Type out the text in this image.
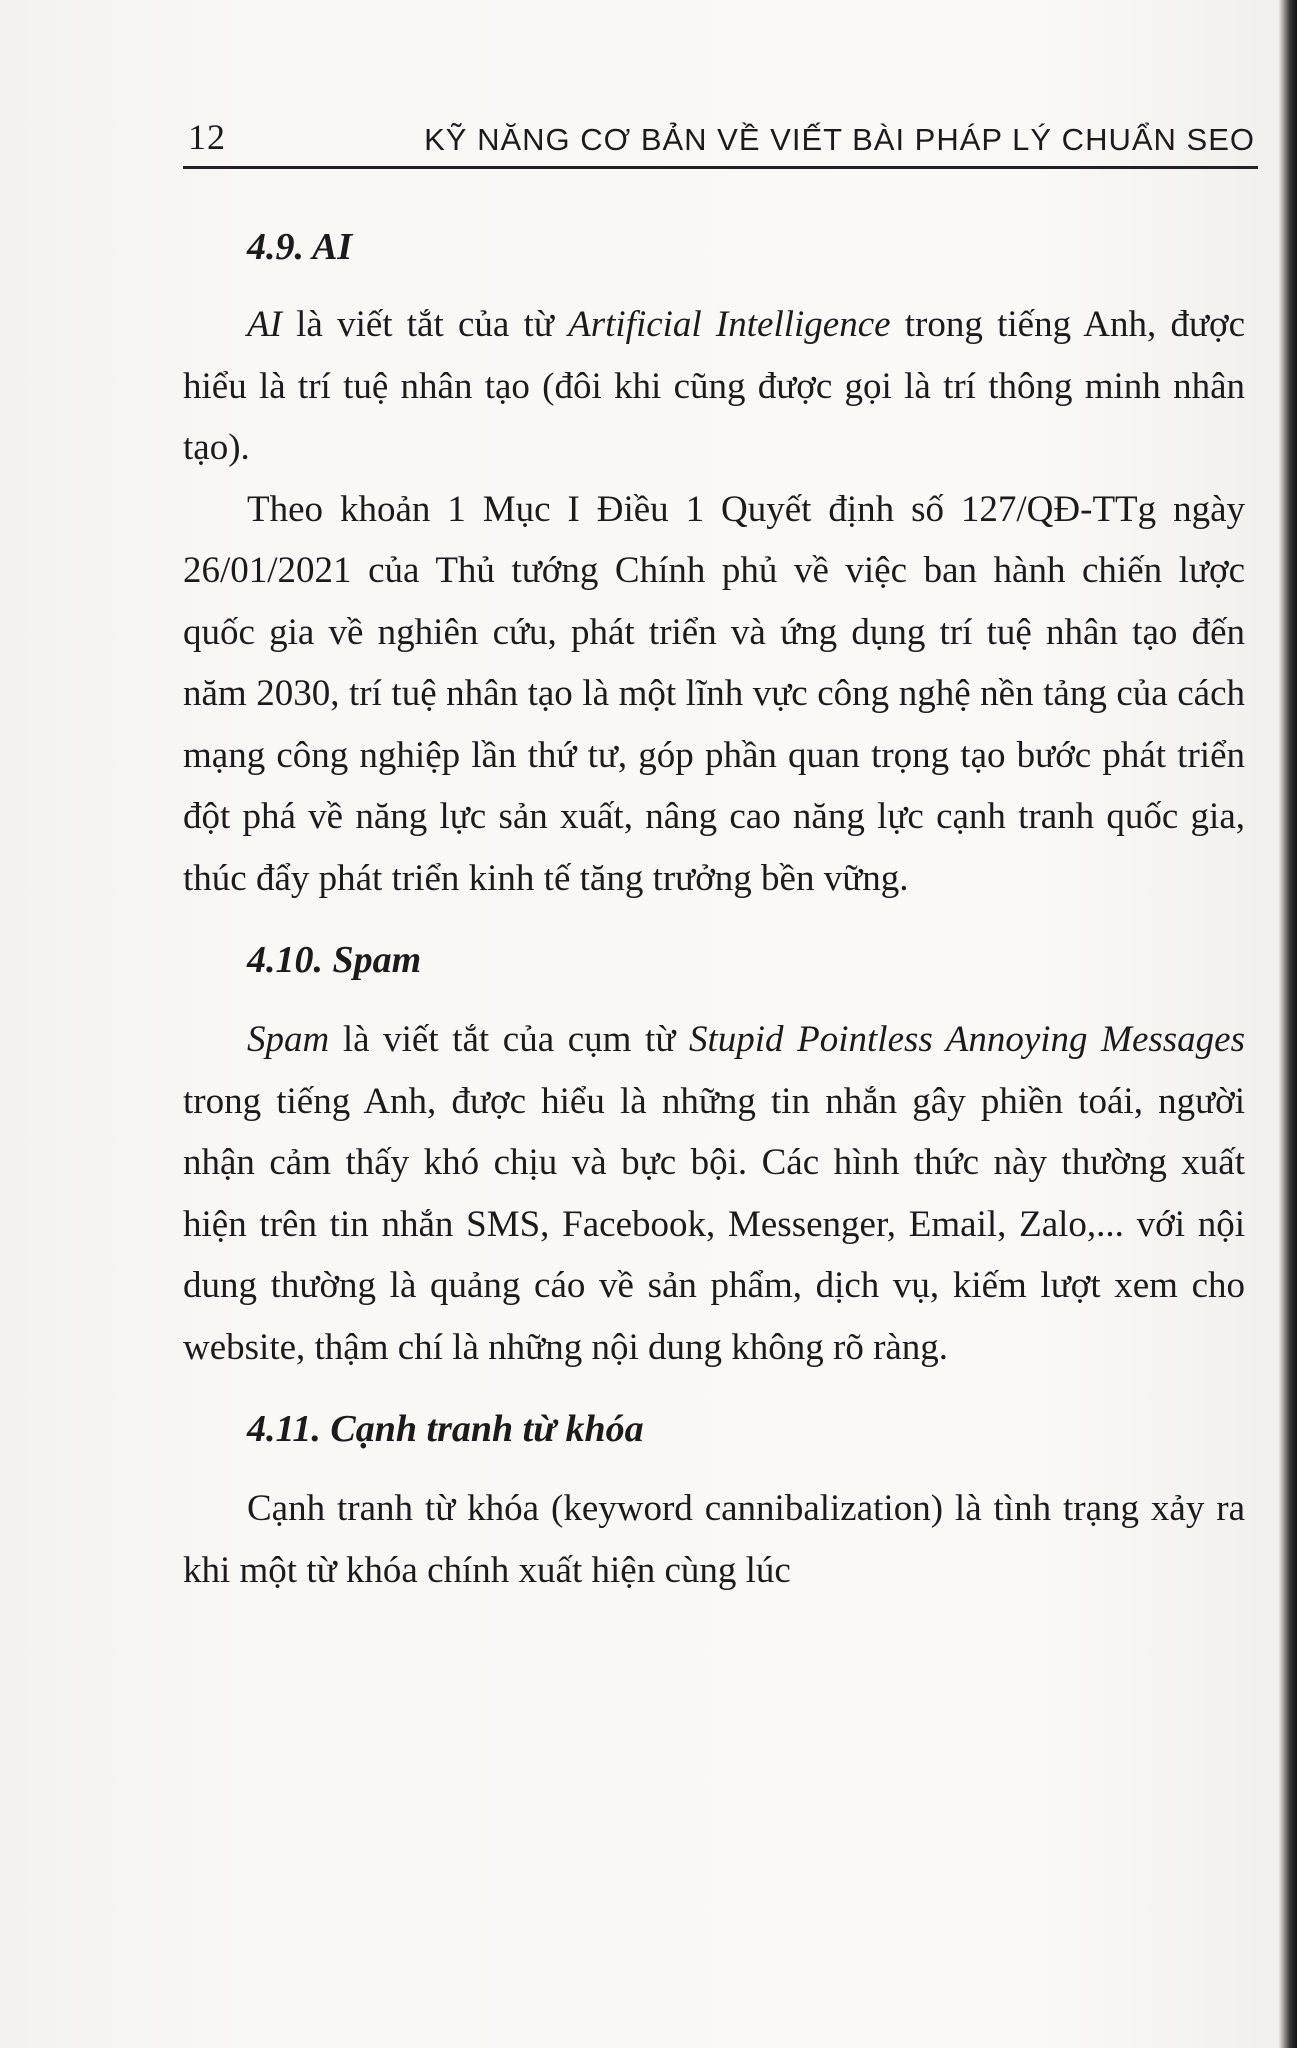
12	KỸ NĂNG CƠ BẢN VỀ VIẾT BÀI PHÁP LÝ CHUẨN SEO
4.9. AI

AI là viết tắt của từ Artificial Intelligence trong tiếng Anh, được hiểu là trí tuệ nhân tạo (đôi khi cũng được gọi là trí thông minh nhân tạo).

Theo khoản 1 Mục I Điều 1 Quyết định số 127/QĐ-TTg ngày 26/01/2021 của Thủ tướng Chính phủ về việc ban hành chiến lược quốc gia về nghiên cứu, phát triển và ứng dụng trí tuệ nhân tạo đến năm 2030, trí tuệ nhân tạo là một lĩnh vực công nghệ nền tảng của cách mạng công nghiệp lần thứ tư, góp phần quan trọng tạo bước phát triển đột phá về năng lực sản xuất, nâng cao năng lực cạnh tranh quốc gia, thúc đẩy phát triển kinh tế tăng trưởng bền vững.

4.10. Spam

Spam là viết tắt của cụm từ Stupid Pointless Annoying Messages trong tiếng Anh, được hiểu là những tin nhắn gây phiền toái, người nhận cảm thấy khó chịu và bực bội. Các hình thức này thường xuất hiện trên tin nhắn SMS, Facebook, Messenger, Email, Zalo,... với nội dung thường là quảng cáo về sản phẩm, dịch vụ, kiếm lượt xem cho website, thậm chí là những nội dung không rõ ràng.

4.11. Cạnh tranh từ khóa

Cạnh tranh từ khóa (keyword cannibalization) là tình trạng xảy ra khi một từ khóa chính xuất hiện cùng lúc
